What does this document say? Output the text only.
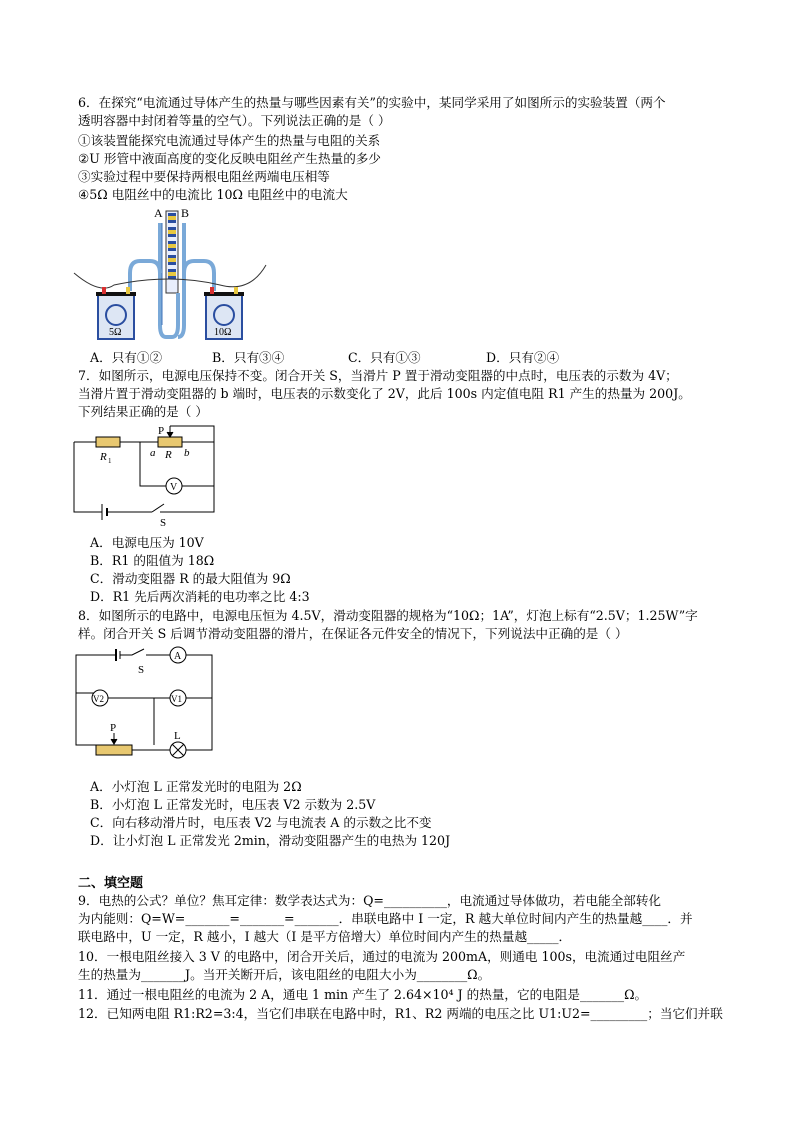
6．在探究“电流通过导体产生的热量与哪些因素有关”的实验中，某同学采用了如图所示的实验装置（两个
透明容器中封闭着等量的空气）。下列说法正确的是（ ）
①该装置能探究电流通过导体产生的热量与电阻的关系
②U 形管中液面高度的变化反映电阻丝产生热量的多少
③实验过程中要保持两根电阻丝两端电压相等
④5Ω 电阻丝中的电流比 10Ω 电阻丝中的电流大
A B
5Ω	10Ω
A．只有①②	B．只有③④	C．只有①③	D．只有②④
7．如图所示，电源电压保持不变。闭合开关 S，当滑片 P 置于滑动变阻器的中点时，电压表的示数为 4V；
当滑片置于滑动变阻器的 b 端时，电压表的示数变化了 2V，此后 100s 内定值电阻 R1 产生的热量为 200J。
下列结果正确的是（ ）
P
R 1
a R b
V
S
A．电源电压为 10V
B．R1 的阻值为 18Ω
C．滑动变阻器 R 的最大阻值为 9Ω
D．R1 先后两次消耗的电功率之比 4:3
8．如图所示的电路中，电源电压恒为 4.5V，滑动变阻器的规格为“10Ω；1A”，灯泡上标有“2.5V；1.25W”字
样。闭合开关 S 后调节滑动变阻器的滑片，在保证各元件安全的情况下，下列说法中正确的是（ ）
S
A
V2	V1
P
L
A．小灯泡 L 正常发光时的电阻为 2Ω
B．小灯泡 L 正常发光时，电压表 V2 示数为 2.5V
C．向右移动滑片时，电压表 V2 与电流表 A 的示数之比不变
D．让小灯泡 L 正常发光 2min，滑动变阻器产生的电热为 120J
二、填空题
9．电热的公式？单位？焦耳定律：数学表达式为：Q=__________，电流通过导体做功，若电能全部转化
为内能则：Q=W=_______=_______=_______．串联电路中 I 一定，R 越大单位时间内产生的热量越____．并
联电路中，U 一定，R 越小，I 越大（I 是平方倍增大）单位时间内产生的热量越_____．
10．一根电阻丝接入 3 V 的电路中，闭合开关后，通过的电流为 200mA，则通电 100s，电流通过电阻丝产
生的热量为_______J。当开关断开后，该电阻丝的电阻大小为________Ω。
11．通过一根电阻丝的电流为 2 A，通电 1 min 产生了 2.64×10⁴ J 的热量，它的电阻是_______Ω。
12．已知两电阻 R1:R2=3:4，当它们串联在电路中时，R1、R2 两端的电压之比 U1:U2=_________；当它们并联
